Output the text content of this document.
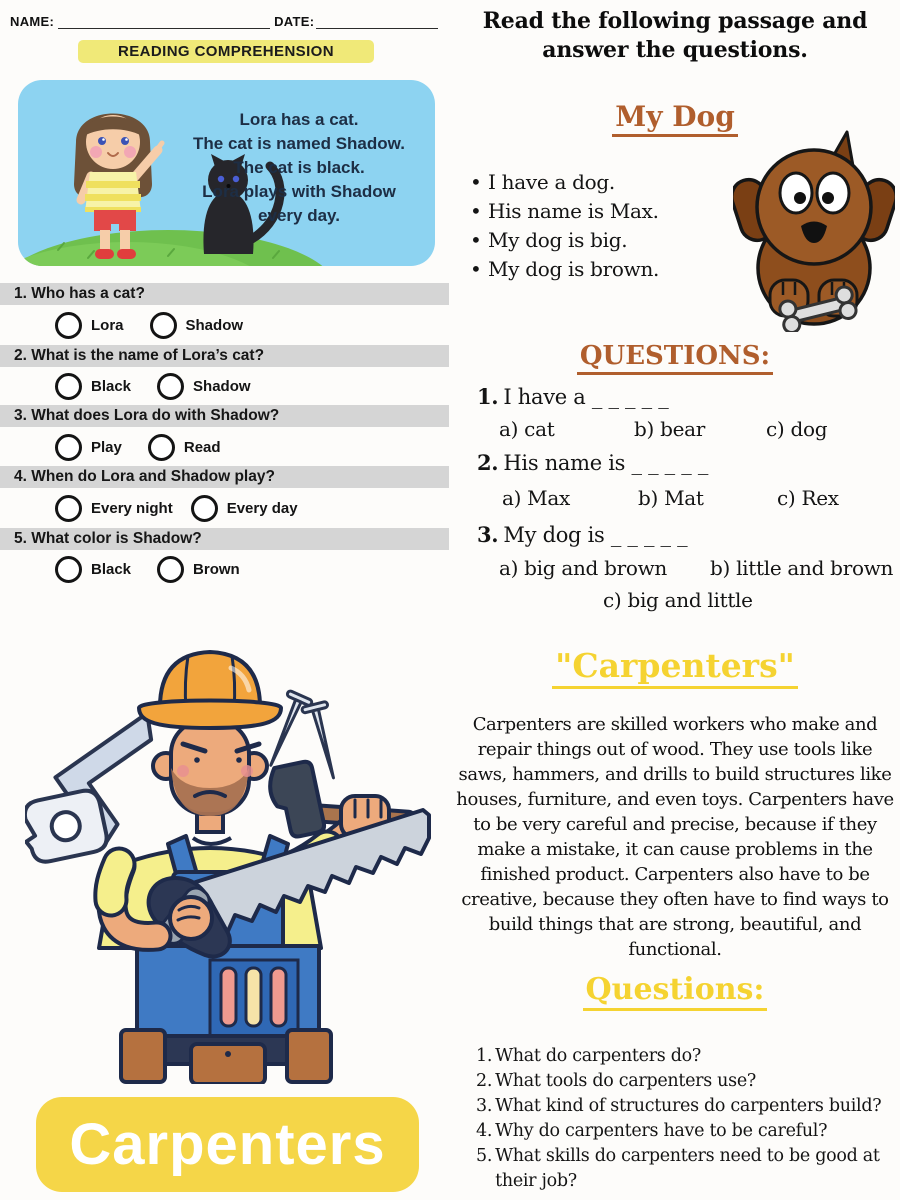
NAME:	DATE:
READING COMPREHENSION
Lora has a cat.
The cat is named Shadow.
The cat is black.
Lora plays with Shadow
every day.
1. Who has a cat?
Lora	Shadow
2. What is the name of Lora’s cat?
Black	Shadow
3. What does Lora do with Shadow?
Play	Read
4. When do Lora and Shadow play?
Every night	Every day
5. What color is Shadow?
Black	Brown
Carpenters
Read the following passage and answer the questions.
My Dog
• I have a dog.
• His name is Max.
• My dog is big.
• My dog is brown.
QUESTIONS:
1. I have a _ _ _ _ _
a) cat	b) bear	c) dog
2. His name is _ _ _ _ _
a) Max	b) Mat	c) Rex
3. My dog is _ _ _ _ _
a) big and brown b) little and brown
c) big and little
"Carpenters"
Carpenters are skilled workers who make and repair things out of wood. They use tools like saws, hammers, and drills to build structures like houses, furniture, and even toys. Carpenters have to be very careful and precise, because if they make a mistake, it can cause problems in the finished product. Carpenters also have to be creative, because they often have to find ways to build things that are strong, beautiful, and functional.
Questions:
1. What do carpenters do?
2. What tools do carpenters use?
3. What kind of structures do carpenters build?
4. Why do carpenters have to be careful?
5. What skills do carpenters need to be good at their job?
